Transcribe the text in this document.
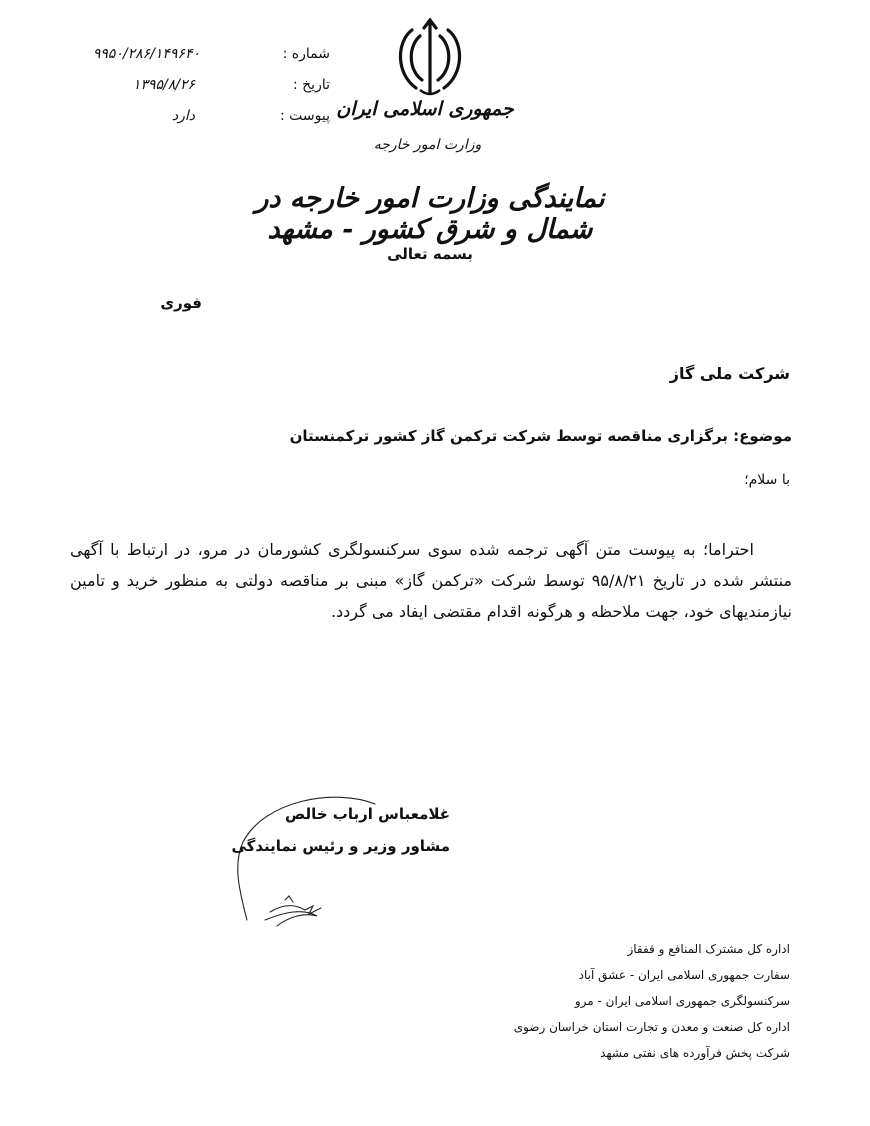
شماره :
۹۹۵۰/۲۸۶/۱۴۹۶۴۰
تاریخ :
۱۳۹۵/۸/۲۶
پیوست :
دارد	جمهوری اسلامی ایران
وزارت امور خارجه
نمایندگی وزارت امور خارجه در شمال و شرق کشور - مشهد
بسمه تعالی
فوری
شرکت ملی گاز
موضوع: برگزاری مناقصه توسط شرکت ترکمن گاز کشور ترکمنستان
با سلام؛

احتراما؛ به پیوست متن آگهی ترجمه شده سوی سرکنسولگری کشورمان در مرو، در ارتباط با آگهی منتشر شده در تاریخ ۹۵/۸/۲۱ توسط شرکت «ترکمن گاز» مبنی بر مناقصه دولتی به منظور خرید و تامین نیازمندیهای خود، جهت ملاحظه و هرگونه اقدام مقتضی ایفاد می گردد.

غلامعباس ارباب خالص
مشاور وزیر و رئیس نمایندگی
اداره کل مشترک المنافع و قفقاز
سفارت جمهوری اسلامی ایران - عشق آباد
سرکنسولگری جمهوری اسلامی ایران - مرو
اداره کل صنعت و معدن و تجارت استان خراسان رضوی
شرکت پخش فرآورده های نفتی مشهد
